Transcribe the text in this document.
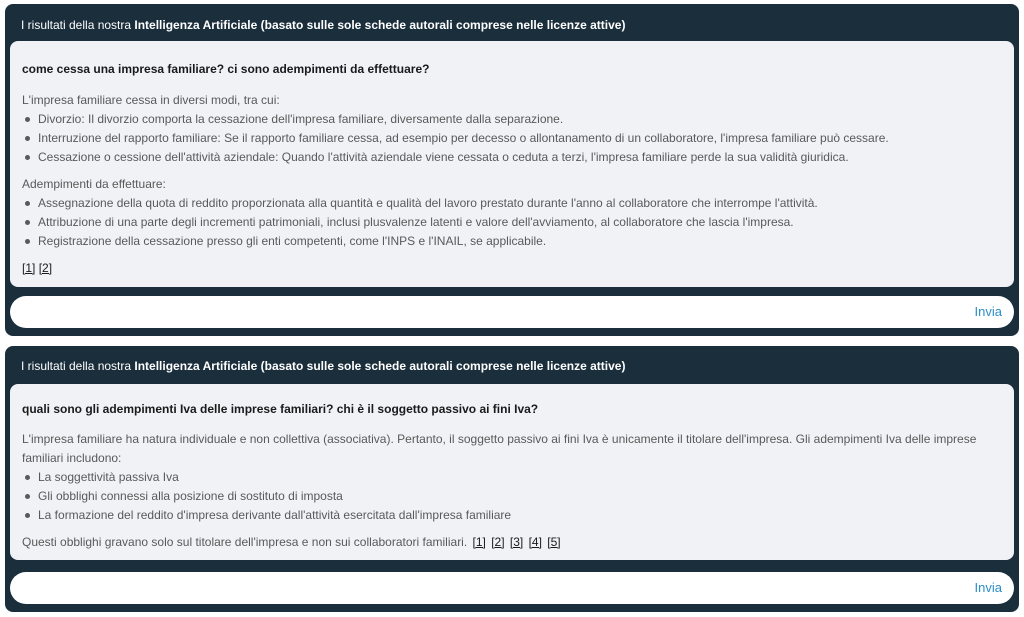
I risultati della nostra Intelligenza Artificiale (basato sulle sole schede autorali comprese nelle licenze attive)
come cessa una impresa familiare? ci sono adempimenti da effettuare?

L'impresa familiare cessa in diversi modi, tra cui:

Divorzio: Il divorzio comporta la cessazione dell'impresa familiare, diversamente dalla separazione.
Interruzione del rapporto familiare: Se il rapporto familiare cessa, ad esempio per decesso o allontanamento di un collaboratore, l'impresa familiare può cessare.
Cessazione o cessione dell'attività aziendale: Quando l'attività aziendale viene cessata o ceduta a terzi, l'impresa familiare perde la sua validità giuridica.

Adempimenti da effettuare:

Assegnazione della quota di reddito proporzionata alla quantità e qualità del lavoro prestato durante l'anno al collaboratore che interrompe l'attività.
Attribuzione di una parte degli incrementi patrimoniali, inclusi plusvalenze latenti e valore dell'avviamento, al collaboratore che lascia l'impresa.
Registrazione della cessazione presso gli enti competenti, come l'INPS e l'INAIL, se applicabile.

[1] [2]

Invia
I risultati della nostra Intelligenza Artificiale (basato sulle sole schede autorali comprese nelle licenze attive)
quali sono gli adempimenti Iva delle imprese familiari? chi è il soggetto passivo ai fini Iva?

L'impresa familiare ha natura individuale e non collettiva (associativa). Pertanto, il soggetto passivo ai fini Iva è unicamente il titolare dell'impresa. Gli adempimenti Iva delle imprese familiari includono:

La soggettività passiva Iva
Gli obblighi connessi alla posizione di sostituto di imposta
La formazione del reddito d'impresa derivante dall'attività esercitata dall'impresa familiare

Questi obblighi gravano solo sul titolare dell'impresa e non sui collaboratori familiari. [1] [2] [3] [4] [5]

Invia
